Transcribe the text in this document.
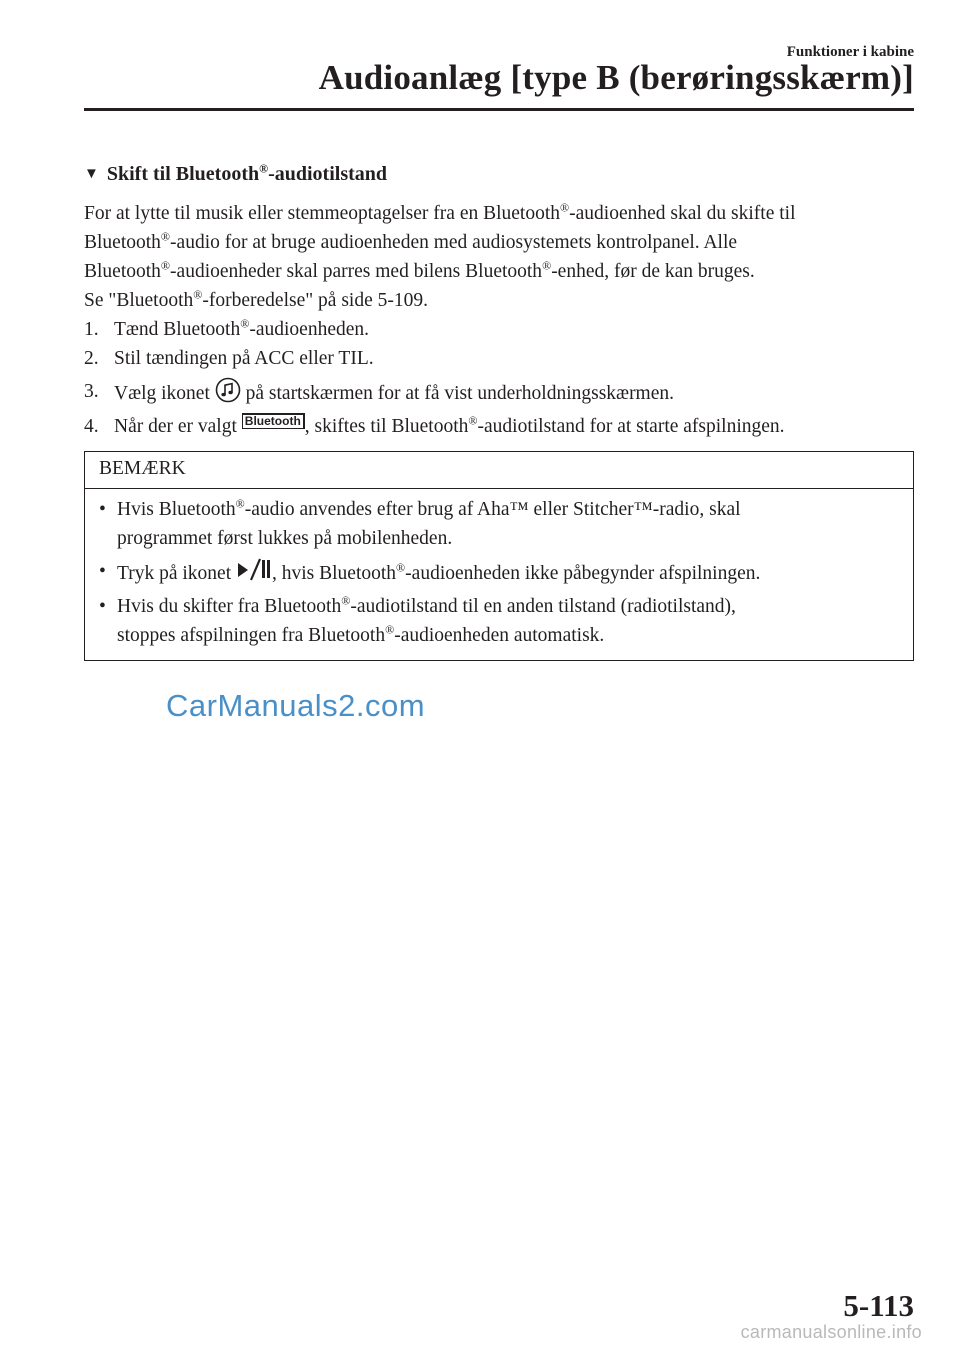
Funktioner i kabine
Audioanlæg [type B (berøringsskærm)]
▼ Skift til Bluetooth®-audiotilstand

For at lytte til musik eller stemmeoptagelser fra en Bluetooth®-audioenhed skal du skifte til
Bluetooth®-audio for at bruge audioenheden med audiosystemets kontrolpanel. Alle
Bluetooth®-audioenheder skal parres med bilens Bluetooth®-enhed, før de kan bruges.
Se "Bluetooth®-forberedelse" på side 5-109.

1. Tænd Bluetooth®-audioenheden.
2. Stil tændingen på ACC eller TIL.
3. Vælg ikonet  på startskærmen for at få vist underholdningsskærmen.
4. Når der er valgt Bluetooth , skiftes til Bluetooth®-audiotilstand for at starte afspilningen.
BEMÆRK
• Hvis Bluetooth®-audio anvendes efter brug af Aha™ eller Stitcher™-radio, skal
programmet først lukkes på mobilenheden.
• Tryk på ikonet , hvis Bluetooth®-audioenheden ikke påbegynder afspilningen.
• Hvis du skifter fra Bluetooth®-audiotilstand til en anden tilstand (radiotilstand),
stoppes afspilningen fra Bluetooth®-audioenheden automatisk.
CarManuals2.com
5-113
carmanualsonline.info
